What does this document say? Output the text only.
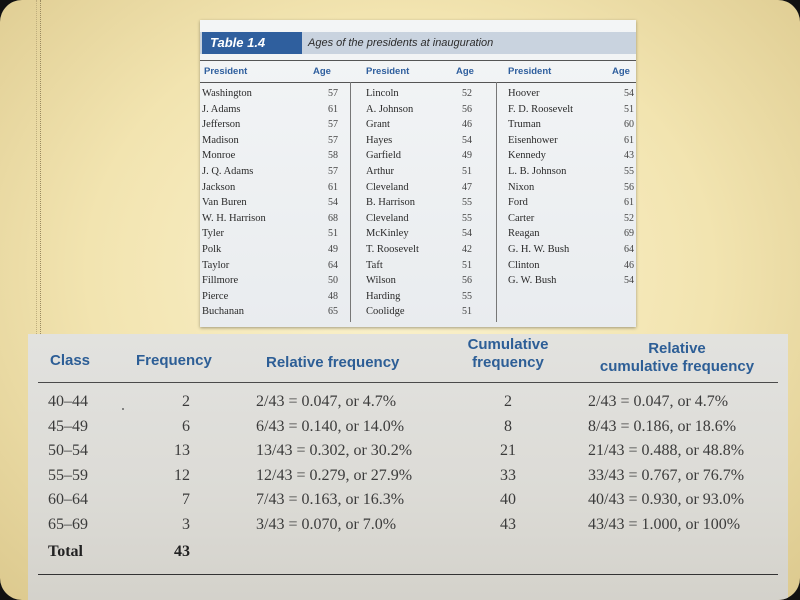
Table 1.4	Ages of the presidents at inauguration
President	Age	President	Age	President	Age
Washington	57
J. Adams	61
Jefferson	57
Madison	57
Monroe	58
J. Q. Adams	57
Jackson	61
Van Buren	54
W. H. Harrison	68
Tyler	51
Polk	49
Taylor	64
Fillmore	50
Pierce	48
Buchanan	65
Lincoln	52
A. Johnson	56
Grant	46
Hayes	54
Garfield	49
Arthur	51
Cleveland	47
B. Harrison	55
Cleveland	55
McKinley	54
T. Roosevelt	42
Taft	51
Wilson	56
Harding	55
Coolidge	51
Hoover	54
F. D. Roosevelt	51
Truman	60
Eisenhower	61
Kennedy	43
L. B. Johnson	55
Nixon	56
Ford	61
Carter	52
Reagan	69
G. H. W. Bush	64
Clinton	46
G. W. Bush	54
Class	Frequency	Relative frequency
Cumulative
frequency
Relative
cumulative frequency
40–44	2	2/43 = 0.047, or 4.7%	2	2/43 = 0.047, or 4.7%
45–49	6	6/43 = 0.140, or 14.0%	8	8/43 = 0.186, or 18.6%
50–54	13	13/43 = 0.302, or 30.2%	21	21/43 = 0.488, or 48.8%
55–59	12	12/43 = 0.279, or 27.9%	33	33/43 = 0.767, or 76.7%
60–64	7	7/43 = 0.163, or 16.3%	40	40/43 = 0.930, or 93.0%
65–69	3	3/43 = 0.070, or 7.0%	43	43/43 = 1.000, or 100%
Total	43
